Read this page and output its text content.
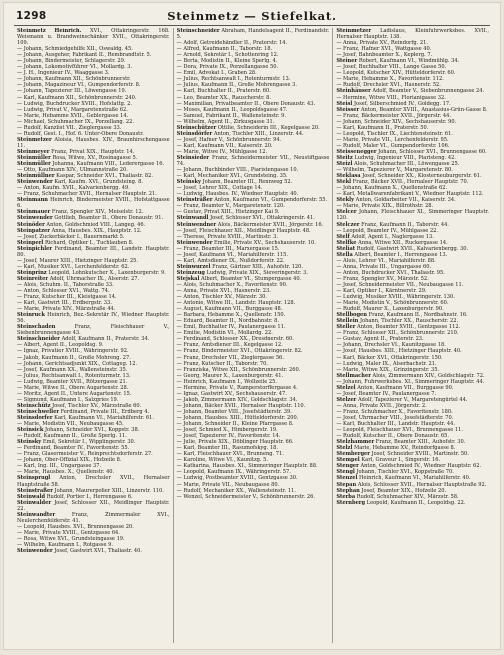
1298	Steinmetz — Stiefelkat.

Steinmetz Heinrich. XVI., Ottakringerstr. 168. Weismann u. Brandweinschänker XVII., Ottakringerstr. 109.

— Johann, Schmiedgehilfe XII., Oswaldg. 45.

— Johann, Ausgeher, Fabrikant II., Rembrandtstr. 5.

— Johann, Bindermeister, Schlagerstr. 29.

— Johann, Lokomotivführer VI., Mollardg. 3.

— J. H., Ingenieur IV., Waaggasse 3.

— Johann, Kaufmann XII., Schönbrunnerstr.

— Johann, Magazineur VI., Gumpendorferstr. 8.

— Johann, Tapezierer III., Löwengasse 19.

— Karl, Kaufmann XII., Schönbrunnerstr. 240.

— Ludwig, Buchdrucker XVIII., Hofstattg. 2.

— Ludwig, Privat V., Margaretenstraße 62.

— Marie, Hebamme XVII., Geblergasse 14.

— Michael, Schuhmacher IX., Porzellang. 22.

— Rudolf, Kanzlist VII., Zieglergasse 33.

— Rudolf, Gest. I., Hof. 6. Unter-Obere Donaustr.

Steinmetzer Aloisia, Hausbes. XIV., Braunhirschengasse 11.

Steinmeyer Franz, Privat XIX., Hauptstr. 14.

Steinmüller Rosa, Witwe, XV., Rosinagasse 5.

Steinmüller Johanna, Kaufmann VIII., Lederergasse 16.

— Otto, Kaufmann XIV., Ullmannstraße 20.

Steinmüllner Kaspar, Schneider XVI., Thaliastr. 82.

Steinwender Karl, Kaufm. XVI., Grundsteing. 8.

— Anton, Kaufm. XVII., Kalvarienbergg. 49.

— Franz, Schuhmacher XVII., Hernalser Hauptstr. 21.

Steinmann Heinrich, Bindermeister XVIII., Hofstattgasse 6.

Steinmauer Franz, Spengler XIV., Meiselstr. 12.

Steinwender Gottlieb, Beamter II., Obere Donaustr. 91.

Steinöder Anton, Goldschmied VIII., Langeg. 46.

Steinpatzer Anna, Hausbes. XIX., Hauptstr. 12.

— Josef, Zuckerbäcker I., Bauernmarkt 5.

Steinperl Richard, Optiker I., Tuchlauben 8.

Steinpichler Ferdinand, Beamter III., Landstr. Hauptstr. 80.

— Josef, Maurer XIII., Hietzinger Hauptstr. 25.

— Karl, Musiker XVI., Lerchenfelderstr. 62.

Steinprinz Leopold, Lohnkutscher X., Laxenburgerstr. 9.

Steinreiter Adolf, Uhrmacher IX., Alserstr. 27.

— Alois, Schuhm. II., Taborstraße 33.

— Anton, Schlosser XVI., Wattg. 74.

— Franz, Kutscher III., Kleistgasse 14.

— Karl, Gastwirt III., Erdbergstr. 33.

— Marie, Private XIV., Märzstraße 44.

Steinruck Heinrich, Bez.-Sekretär IV., Wiedner Hauptstr. 56.

Steinschaden	Franz, Fleischhauer V., Siebenbrunnengasse 43.

Steinschneider Adolf, Kaufmann II., Praterstr. 34.

— Albert, Agent II., Leopoldsg. 9.

— Ignaz, Privatier XVIII., Währingerstr. 92.

— Jakob, Kaufmann II., Große Mohreng. 27.

— Johann, Gerichtsadjunkt XIX., Cottageg. 12.

— Josef, Kaufmann XX., Wallensteinstr. 35.

— Julius, Rechtsanwalt I., Rotenturmstr. 13.

— Ludwig, Beamter XVII., Rötzergasse 21.

— Marie, Witwe II., Obere Augartenstr. 28.

— Moritz, Agent II., Untere Augartenstr. 15.

— Sigmund, Kaufmann I., Salzgries 19.

Steinschütz Josef, Tischler XV., Märzstraße 60.

Steinschweller Ferdinand, Private III., Erdberg 4.

Steinsdorfer Karl, Kaufmann VI., Mariahilferstr. 61.

— Marie, Modistin VII., Neubaugasse 45.

Steinsick Johann, Schneider XVI., Koppstr. 38.

— Rudolf, Kaufmann II., Große Sperlg. 11.

Steinsky Emil, Sekretär I., Wipplingerstr. 30.

— Ferdinand, Beamter IV., Favoritenstr. 55.

— Franz, Glasermeister V., Reinprechtsdorferstr. 27.

— Johann, Ober-Offizial XIX., Hofzeile 8.

— Karl, Ing. III., Ungargasse 37.

— Marie, Hausbes. X., Quellenstr. 40.

Steinsprugl Anton, Drechsler XVII., Hernalser Hauptstraße 58.

Steinstraßer Johann, Maurerpolier XIII., Linzerstr. 110.

Steinwald Rudolf, Portier I., Herrengasse 6.

Steinwalder Josef, Schlosser XII., Meidlinger Hauptstr. 22.

Steinwandter	Franz, Zimmermaler XVI., Neulerchenfelderstr. 41.

— Leopold, Hausbes. XVI., Brunnengasse 20.

— Marie, Private XVIII., Gentzgasse 64.

— Rosa, Witwe XVI., Grundsteingasse 19.

— Wilhelm, Kaufmann I., Rotgasse 9.

Steinwender Josef, Gastwirt XVI., Thaliastr. 40.

Steinschneider Abraham, Handelsagent II., Ferdinandstr. 5.

— Adolf, Getreidehändler II., Praterstr. 14.

— Alfred, Kaufmann II., Taborstr. 18.

— Arnold, Sekretär I., Schottenring 12.

— Berta, Modistin II., Kleine Sperlg. 4.

— Dora, Private IX., Porzellangasse 50.

— Emil, Advokat I., Graben 28.

— Julius, Rechtsanwalt I., Rotenturmstr. 13.

— Julius, Kaufmann II., Große Mohrengasse 3.

— Karl, Buchhalter II., Praterstr. 60.

— Leo, Beamter XX., Rauscherstr. 8.

— Maximilian, Privatbeamter II., Obere Donaustr. 43.

— Moses, Kaufmann II., Leopoldsgasse 47.

— Samuel, Fabrikant II., Wallensteinstr. 9.

— Wilhelm, Agent II., Zirkusgasse 31.

Steinschützer Ottilie, Schneiderin III., Kegelgasse 20.

Steinsdörfer Anton, Tischler XIII., Linzerstr. 44.

— Josef, Hafner V., Schönbrunnerstr. 94.

— Karl, Kaufmann VII., Kaiserstr. 20.

— Marie, Witwe IV., Mühlgasse 12.

Steinsieder Franz, Schneidermeister VII., Neustiftgasse 74.

— Johann, Buchbinder VIII., Piaristengasse 10.

— Karl, Mechaniker XVI., Grundsteing. 35.

Steinsky Johann, Beamter III., Rennweg 52.

— Josef, Lehrer XIX., Cottage 14.

— Ludwig, Hausbes. IV., Wiedner Hauptstr. 40.

Steinsträßer Anton, Kaufmann VI., Gumpendorferstr. 55.

— Franz, Beamter V., Margaretenstr. 120.

— Gustav, Privat XIII., Hietzinger Kai 9.

Steinwandl Josef, Schlosser XVI., Ottakringerstr. 41.

Steinwendner Alois, Bäckermeister XVII., Jörgerstr. 16.

— Josef, Fleischhauer XII., Meidlinger Hauptstr. 48.

— Therese, Private XVIII., Martinstr. 3.

Steinwender Emilie, Private XV., Sechshauserstr. 10.

— Franz, Beamter III., Marxergasse 15.

— Josef, Kaufmann VI., Mariahilferstr. 115.

— Karl, Amtsdiener IX., Nußdorferstr. 22.

Steinwurzel Franz, Gärtner XIII., Auhofstr. 120.

Steinzeug Ludwig, Private XIX., Sieveringerstr. 3.

Stejskal Albert, Beamter VI., Stumpergasse 40.

— Alois, Schuhmacher X., Favoritenstr. 90.

— Anna, Private XVI., Hasnerstr. 23.

— Anton, Tischler XV., Märzstr. 30.

— Antonie, Witwe III., Landstr. Hauptstr. 128.

— August, Kaufmann VII., Burggasse 48.

— Barbara, Hebamme X., Quellenstr. 150.

— Eduard, Beamter II., Nordbahnstr. 8.

— Emil, Buchhalter IV., Paulanergasse 11.

— Emilie, Modistin VI., Mollardg. 22.

— Ferdinand, Schlosser XX., Dresdnerstr. 60.

— Franz, Amtsdiener III., Kegelgasse 12.

— Franz, Bindermeister XVI., Ottakringerstr. 82.

— Franz, Drechsler VII., Zieglergasse 56.

— Franz, Kutscher II., Taborstr. 70.

— Franziska, Witwe XII., Schönbrunnerstr. 260.

— Georg, Maurer X., Laxenburgerstr. 41.

— Heinrich, Kaufmann I., Wollzeile 25.

— Hermine, Private V., Ramperstorffergasse 4.

— Ignaz, Gastwirt XV., Sechshauserstr. 47.

— Jakob, Zimmermann XIV., Goldschlagstr. 34.

— Johann, Bäcker XVII., Hernalser Hauptstr. 110.

— Johann, Beamter VIII., Josefstädterstr. 39.

— Johann, Hausbes. XIII., Hütteldorferstr. 200.

— Johann, Schneider II., Kleine Pfarrgasse 8.

— Josef, Schmied X., Himbergerstr. 19.

— Josef, Tapezierer IV., Favoritenstr. 14.

— Julie, Private XIX., Döblinger Hauptstr. 66.

— Karl, Beamter III., Rasumofskyg. 18.

— Karl, Fleischhauer XVI., Brunneng. 71.

— Karoline, Witwe VI., Kaunitzg. 5.

— Katharina, Hausbes. XI., Simmeringer Hauptstr. 88.

— Leopold, Kaufmann IX., Währingerstr. 57.

— Ludwig, Postbeamter XVIII., Gentzgasse 30.

— Marie, Private VII., Neubaugasse 80.

— Rudolf, Mechaniker XX., Wallensteinstr. 11.

— Wenzel, Schneidermeister V., Schönbrunnerstr. 26.

Steinmetzer Ladislaus, Kleinfuhrwerksbes. XVII., Hernalser Hauptstr. 138.

— Anna, Private XV., Reindorfg. 21.

— Franz, Hafner XVI., Wattgasse 40.

— Josef, Bahnbeamter X., Keplerg. 7.

Steiner Robert, Kaufmann VI., Windmühlg. 34.

— Josef, Buchhalter VIII., Lange Gasse 50.

— Leopold, Kutscher XIV., Hütteldorferstr. 60.

— Marie, Hebamme X., Favoritenstr. 112.

— Rudolf, Drechsler XVI., Hasnerstr. 52.

Steinhäuser Adolf, Beamter V., Siebenbrunnengasse 24.

— Hermine, Witwe VIII., Florianigasse 32.

Steisl Josef, Silberschmied IV., Goldegg. 17.

Steisser Anton, Beamter XVIII., Anastasius-Grün-Gasse 8.

— Franz, Bäckermeister XVII., Jörgerstr. 44.

— Johann, Schneider XIV., Sechshauserstr. 90.

— Karl, Kaufmann II., Praterstr. 50.

— Leopold, Tischler IX., Liechtensteinstr. 61.

— Marie, Private VII., Lerchenfelderstr. 95.

— Rudolf, Maler VI., Gumpendorferstr. 106.

Steissenegger Johann, Schlosser XVI., Brunnengasse 60.

Steitz Ludwig, Ingenieur VIII., Piaristeng. 42.

Steizl Alois, Schuhmacher III., Löwengasse 25.

— Wilhelm, Tapezierer V., Margaretenstr. 80.

Steklasa Josef, Schneider XX., Klosterneuburgerstr. 61.

Stekl Franz, Bäcker XVII., Hernalser Hauptstr. 70.

— Johann, Kaufmann X., Quellenstraße 62.

— Karl, Metallwarenfabrikant V., Wiedner Hauptstr. 112.

Stekly Anton, Goldarbeiter VII., Kaiserstr. 34.

— Marie, Private XIX., Billrothstr. 28.

Stelcer Johann, Fleischhauer XI., Simmeringer Hauptstr. 120.

Stelczer Franz, Kaufmann II., Taborstr. 44.

— Leopold, Beamter IV., Mühlgasse 22.

Stelf Adolf, Agent I., Naglergasse 13.

Stelfke Anna, Witwe XII., Ruckergasse 14.

Steliat Rudolf, Gastwirt XVII., Kalvarienbergg. 30.

Stella Albert, Beamter I., Herrengasse 13.

— Alois, Lehrer VI., Mariahilferstr. 88.

— Anna, Private III., Ungargasse 60.

— Anton, Buchdrucker XVI., Thaliastr. 95.

— Franz, Spengler XV., Märzstr. 52.

— Josef, Schneidermeister VII., Neubaugasse 11.

— Karl, Optiker I., Kärntnerstr. 29.

— Ludwig, Musiker XVIII., Währingerstr. 130.

— Marie, Modistin V., Schönbrunnerstr. 60.

— Rudolf, Maurer X., Laxenburgerstr. 90.

Stellbogen Franz, Kaufmann II., Nordbahnstr. 16.

Stellein Johann, Tischler XX., Rauscherstr. 22.

Steller Anton, Beamter XVIII., Gentzgasse 112.

— Franz, Schlosser XII., Schönbrunnerstr. 210.

— Gustav, Agent II., Praterstr. 23.

— Johann, Drechsler VI., Kaunitzgasse 18.

— Josef, Hausbes. XIII., Hietzinger Hauptstr. 40.

— Karl, Bäcker XVI., Ottakringerstr. 150.

— Ludwig, Maler IX., Alserbachstr. 21.

— Marie, Witwe XIX., Grinzingerstr. 35.

Stellmacher Alois, Zimmermann XIV., Goldschlagstr. 72.

— Johann, Fuhrwerksbes. XI., Simmeringer Hauptstr. 44.

Stelzel Anton, Kaufmann VII., Burggasse 90.

— Josef, Beamter IV., Paulanergasse 7.

Stelzer Adolf, Tapezierer V., Margaretengürtel 44.

— Anna, Private XVII., Jörgerstr. 2.

— Franz, Schuhmacher X., Favoritenstr. 180.

— Josef, Uhrmacher VIII., Josefstädterstr. 70.

— Karl, Buchhalter III., Landstr. Hauptstr. 44.

— Leopold, Fleischhauer XVI., Brunnengasse 11.

— Rudolf, Kutscher II., Obere Donaustr. 65.

Stelzhammer Franz, Beamter XIII., Auhofstr. 30.

Stelzl Marie, Hebamme XV., Reindorfgasse 8.

Stemberger Josef, Schneider XVIII., Martinstr. 50.

Stempel Karl, Graveur I., Singerstr. 16.

Stenger Anton, Goldschmied IV., Wiedner Hauptstr. 62.

Stengl Johann, Tischler XVI., Koppstraße 70.

Stenzel Heinrich, Kaufmann VI., Mariahilferstr. 40.

Stepan Alois, Schlosser XVII., Hernalser Hauptstraße 92.

Stephan Josef, Beamter XIX., Hofzeile 20.

Sterba Rudolf, Schuhmacher XIV., Märzstr. 58.

Sternberg Leopold, Kaufmann II., Leopoldsg. 22.
